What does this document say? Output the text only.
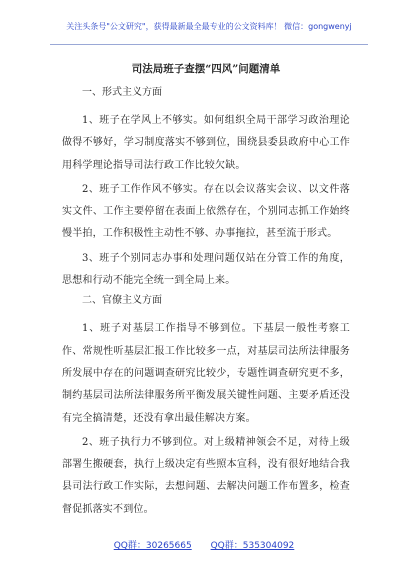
关注头条号"公文研究"，获得最新最全最专业的公文资料库！ 微信：gongwenyj
司法局班子查摆“四风”问题清单
一、形式主义方面
1、班子在学风上不够实。如何组织全局干部学习政治理论做得不够好，学习制度落实不够到位，围绕县委县政府中心工作用科学理论指导司法行政工作比较欠缺。
2、班子工作作风不够实。存在以会议落实会议、以文件落实文件、工作主要停留在表面上依然存在，个别同志抓工作始终慢半拍，工作积极性主动性不够、办事拖拉，甚至流于形式。
3、班子个别同志办事和处理问题仅站在分管工作的角度，思想和行动不能完全统一到全局上来。
二、官僚主义方面
1、班子对基层工作指导不够到位。下基层一般性考察工作、常规性听基层汇报工作比较多一点，对基层司法所法律服务所发展中存在的问题调查研究比较少，专题性调查研究更不多，制约基层司法所法律服务所平衡发展关键性问题、主要矛盾还没有完全搞清楚，还没有拿出最佳解决方案。
2、班子执行力不够到位。对上级精神领会不足，对待上级部署生搬硬套，执行上级决定有些照本宣科，没有很好地结合我县司法行政工作实际，去想问题、去解决问题工作布置多，检查督促抓落实不到位。
QQ群：30265665 QQ群：535304092
